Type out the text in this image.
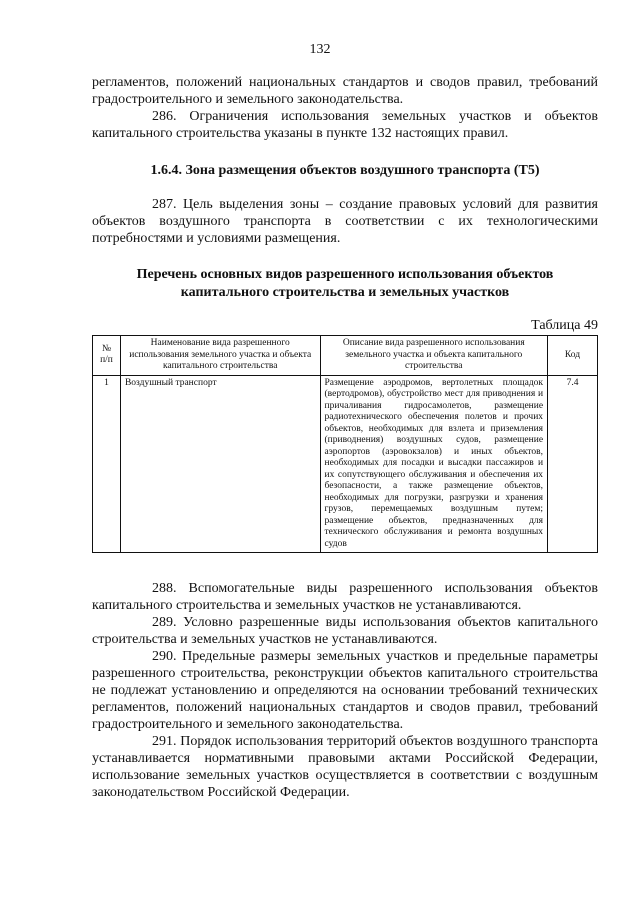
132

регламентов, положений национальных стандартов и сводов правил, требований градостроительного и земельного законодательства.

286. Ограничения использования земельных участков и объектов капитального строительства указаны в пункте 132 настоящих правил.

1.6.4. Зона размещения объектов воздушного транспорта (Т5)

287. Цель выделения зоны – создание правовых условий для развития объектов воздушного транспорта в соответствии с их технологическими потребностями и условиями размещения.

Перечень основных видов разрешенного использования объектов
капитального строительства и земельных участков
Таблица 49
№ п/п	Наименование вида разрешенного использования земельного участка и объекта капитального строительства	Описание вида разрешенного использования земельного участка и объекта капитального строительства	Код
1	Воздушный транспорт	Размещение аэродромов, вертолетных площадок (вертодромов), обустройство мест для приводнения и причаливания гидросамолетов, размещение радиотехнического обеспечения полетов и прочих объектов, необходимых для взлета и приземления (приводнения) воздушных судов, размещение аэропортов (аэровокзалов) и иных объектов, необходимых для посадки и высадки пассажиров и их сопутствующего обслуживания и обеспечения их безопасности, а также размещение объектов, необходимых для погрузки, разгрузки и хранения грузов, перемещаемых воздушным путем; размещение объектов, предназначенных для технического обслуживания и ремонта воздушных судов	7.4

288. Вспомогательные виды разрешенного использования объектов капитального строительства и земельных участков не устанавливаются.

289. Условно разрешенные виды использования объектов капитального строительства и земельных участков не устанавливаются.

290. Предельные размеры земельных участков и предельные параметры разрешенного строительства, реконструкции объектов капитального строительства не подлежат установлению и определяются на основании требований технических регламентов, положений национальных стандартов и сводов правил, требований градостроительного и земельного законодательства.

291. Порядок использования территорий объектов воздушного транспорта устанавливается нормативными правовыми актами Российской Федерации, использование земельных участков осуществляется в соответствии с воздушным законодательством Российской Федерации.
